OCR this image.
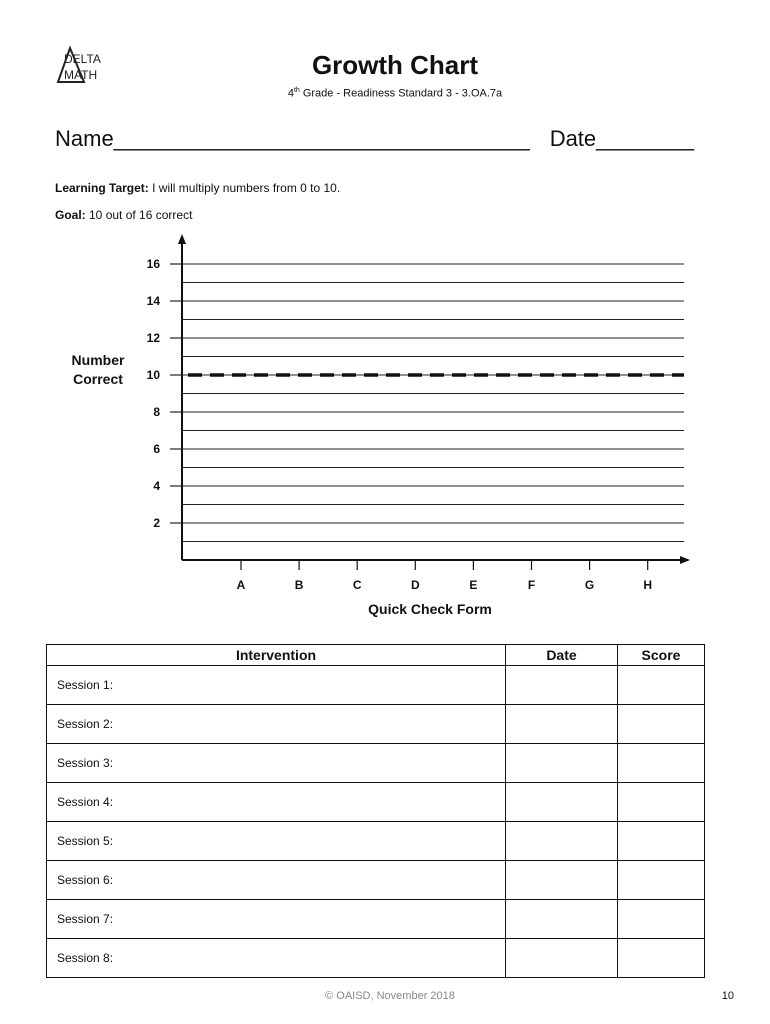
DELTA
MATH	Growth Chart
4th Grade - Readiness Standard 3 - 3.OA.7a
Name__________________________________ Date________
Learning Target: I will multiply numbers from 0 to 10.
Goal: 10 out of 16 correct
2
4
6
8
10
12
14
16
A	B	C	D	E	F	G	H
Number Correct
Quick Check Form
Intervention	Date	Score
Session 1:		
Session 2:		
Session 3:		
Session 4:		
Session 5:		
Session 6:		
Session 7:		
Session 8:		
© OAISD, November 2018	10
